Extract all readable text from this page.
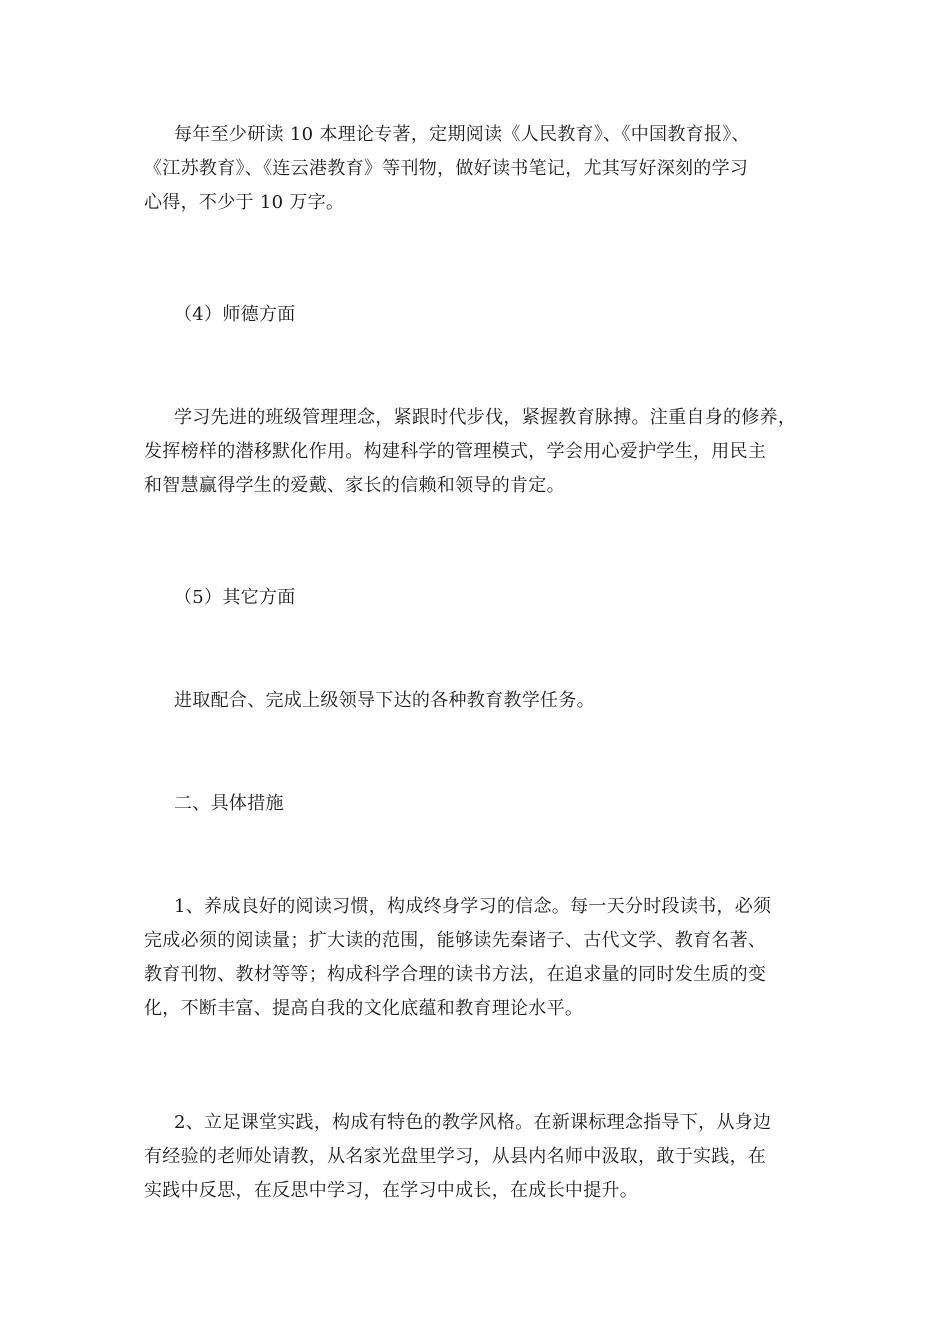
每年至少研读 10 本理论专著，定期阅读《人民教育》、《中国教育报》、
《江苏教育》、《连云港教育》等刊物，做好读书笔记，尤其写好深刻的学习
心得，不少于 10 万字。

（4）师德方面

学习先进的班级管理理念，紧跟时代步伐，紧握教育脉搏。注重自身的修养，
发挥榜样的潜移默化作用。构建科学的管理模式，学会用心爱护学生，用民主
和智慧赢得学生的爱戴、家长的信赖和领导的肯定。

（5）其它方面

进取配合、完成上级领导下达的各种教育教学任务。

二、具体措施

1、养成良好的阅读习惯，构成终身学习的信念。每一天分时段读书，必须
完成必须的阅读量；扩大读的范围，能够读先秦诸子、古代文学、教育名著、
教育刊物、教材等等；构成科学合理的读书方法，在追求量的同时发生质的变
化，不断丰富、提高自我的文化底蕴和教育理论水平。

2、立足课堂实践，构成有特色的教学风格。在新课标理念指导下，从身边
有经验的老师处请教，从名家光盘里学习，从县内名师中汲取，敢于实践，在
实践中反思，在反思中学习，在学习中成长，在成长中提升。
